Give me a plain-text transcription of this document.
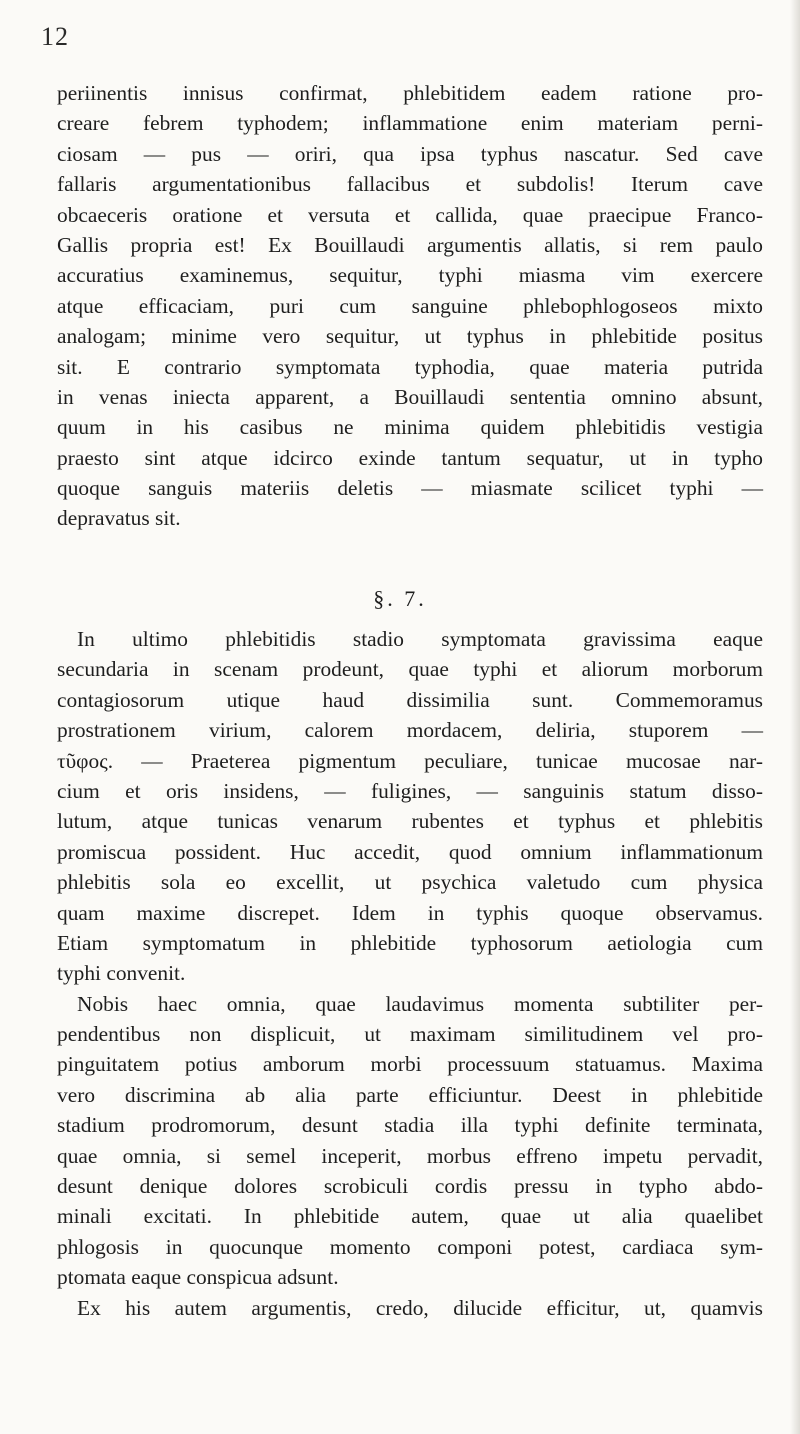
12
periinentis innisus confirmat, phlebitidem eadem ratione pro-
creare febrem typhodem; inflammatione enim materiam perni-
ciosam — pus — oriri, qua ipsa typhus nascatur. Sed cave
fallaris argumentationibus fallacibus et subdolis! Iterum cave
obcaeceris oratione et versuta et callida, quae praecipue Franco-
Gallis propria est! Ex Bouillaudi argumentis allatis, si rem paulo
accuratius examinemus, sequitur, typhi miasma vim exercere
atque efficaciam, puri cum sanguine phlebophlogoseos mixto
analogam; minime vero sequitur, ut typhus in phlebitide positus
sit. E contrario symptomata typhodia, quae materia putrida
in venas iniecta apparent, a Bouillaudi sententia omnino absunt,
quum in his casibus ne minima quidem phlebitidis vestigia
praesto sint atque idcirco exinde tantum sequatur, ut in typho
quoque sanguis materiis deletis — miasmate scilicet typhi —
depravatus sit.
§. 7.
In ultimo phlebitidis stadio symptomata gravissima eaque
secundaria in scenam prodeunt, quae typhi et aliorum morborum
contagiosorum utique haud dissimilia sunt. Commemoramus
prostrationem virium, calorem mordacem, deliria, stuporem —
τῦφος. — Praeterea pigmentum peculiare, tunicae mucosae nar-
cium et oris insidens, — fuligines, — sanguinis statum disso-
lutum, atque tunicas venarum rubentes et typhus et phlebitis
promiscua possident. Huc accedit, quod omnium inflammationum
phlebitis sola eo excellit, ut psychica valetudo cum physica
quam maxime discrepet. Idem in typhis quoque observamus.
Etiam symptomatum in phlebitide typhosorum aetiologia cum
typhi convenit.
Nobis haec omnia, quae laudavimus momenta subtiliter per-
pendentibus non displicuit, ut maximam similitudinem vel pro-
pinguitatem potius amborum morbi processuum statuamus. Maxima
vero discrimina ab alia parte efficiuntur. Deest in phlebitide
stadium prodromorum, desunt stadia illa typhi definite terminata,
quae omnia, si semel inceperit, morbus effreno impetu pervadit,
desunt denique dolores scrobiculi cordis pressu in typho abdo-
minali excitati. In phlebitide autem, quae ut alia quaelibet
phlogosis in quocunque momento componi potest, cardiaca sym-
ptomata eaque conspicua adsunt.
Ex his autem argumentis, credo, dilucide efficitur, ut, quamvis
